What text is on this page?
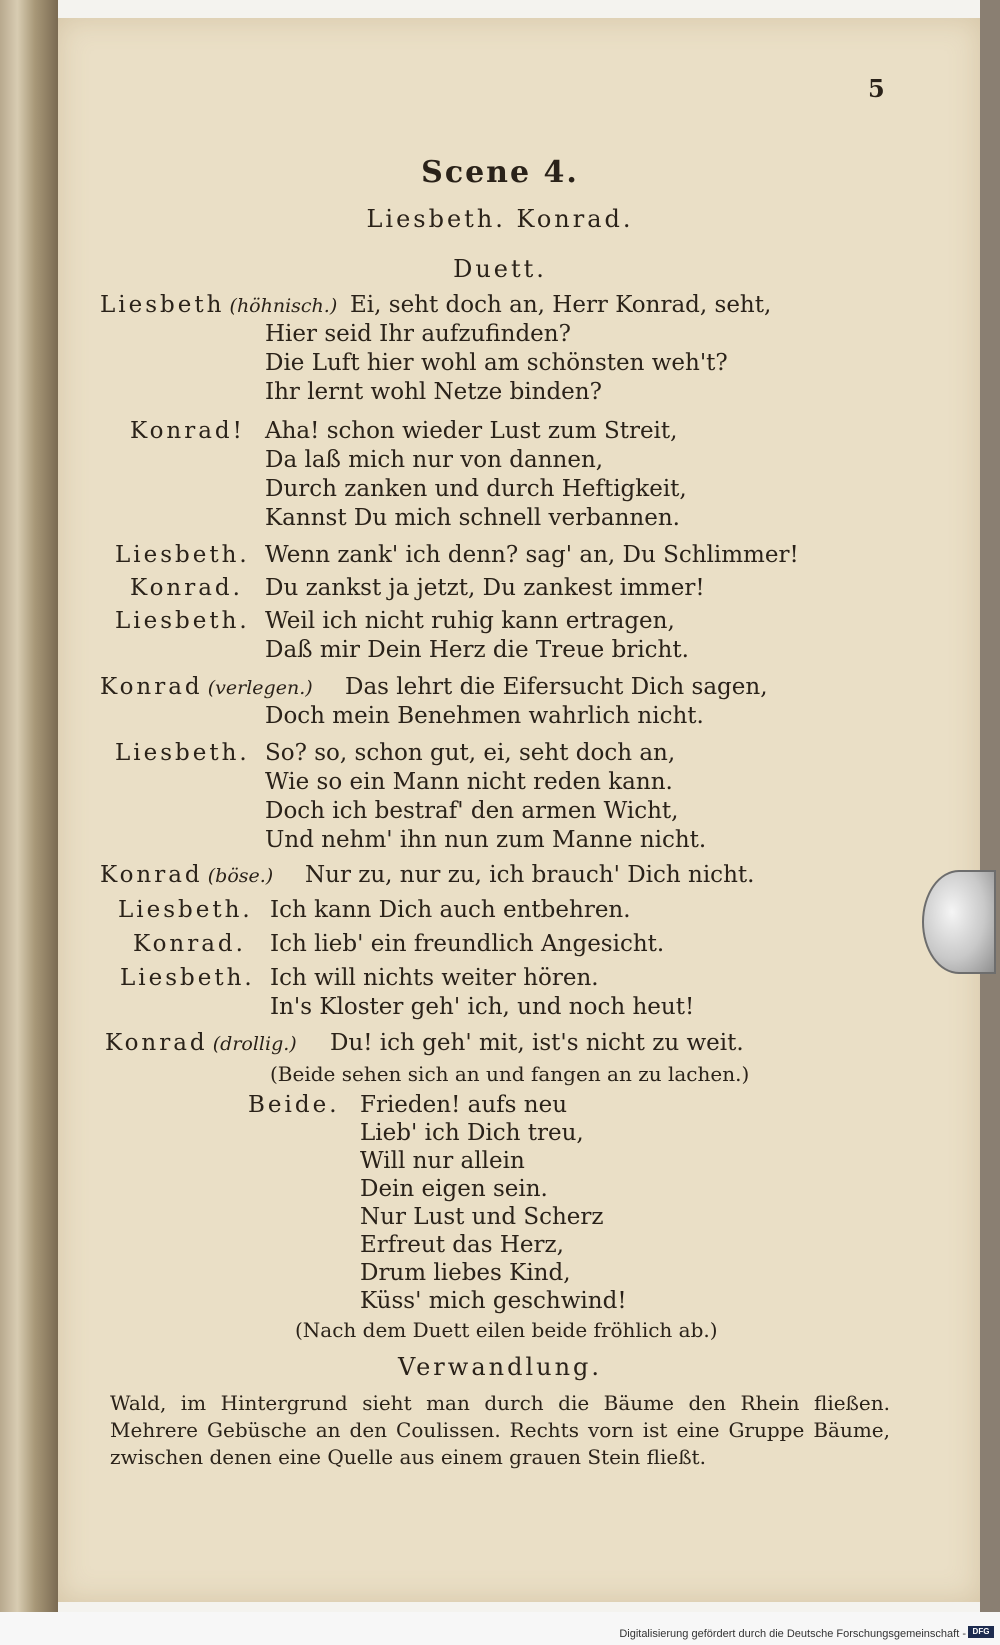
5
Scene 4.
Liesbeth. Konrad.
Duett.
Liesbeth (höhnisch.) Ei, seht doch an, Herr Konrad, seht,
Hier seid Ihr aufzufinden?
Die Luft hier wohl am schönsten weh't?
Ihr lernt wohl Netze binden?
Konrad! Aha! schon wieder Lust zum Streit,
Da laß mich nur von dannen,
Durch zanken und durch Heftigkeit,
Kannst Du mich schnell verbannen.
Liesbeth. Wenn zank' ich denn? sag' an, Du Schlimmer!
Konrad. Du zankst ja jetzt, Du zankest immer!
Liesbeth. Weil ich nicht ruhig kann ertragen,
Daß mir Dein Herz die Treue bricht.
Konrad (verlegen.) Das lehrt die Eifersucht Dich sagen,
Doch mein Benehmen wahrlich nicht.
Liesbeth. So? so, schon gut, ei, seht doch an,
Wie so ein Mann nicht reden kann.
Doch ich bestraf' den armen Wicht,
Und nehm' ihn nun zum Manne nicht.
Konrad (böse.) Nur zu, nur zu, ich brauch' Dich nicht.
Liesbeth. Ich kann Dich auch entbehren.
Konrad. Ich lieb' ein freundlich Angesicht.
Liesbeth. Ich will nichts weiter hören.
In's Kloster geh' ich, und noch heut!
Konrad (drollig.) Du! ich geh' mit, ist's nicht zu weit.
(Beide sehen sich an und fangen an zu lachen.)
Beide. Frieden! aufs neu
Lieb' ich Dich treu,
Will nur allein
Dein eigen sein.
Nur Lust und Scherz
Erfreut das Herz,
Drum liebes Kind,
Küss' mich geschwind!
(Nach dem Duett eilen beide fröhlich ab.)
Verwandlung.
Wald, im Hintergrund sieht man durch die Bäume den Rhein fließen. Mehrere Gebüsche an den Coulissen. Rechts vorn ist eine Gruppe Bäume, zwischen denen eine Quelle aus einem grauen Stein fließt.
Digitalisierung gefördert durch die Deutsche Forschungsgemeinschaft - DFG
